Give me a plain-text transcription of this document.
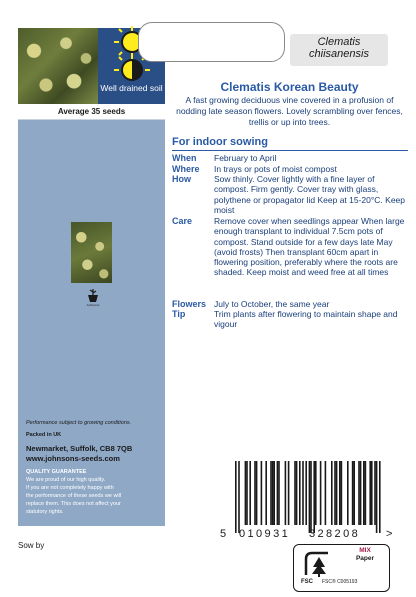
Well drained soil
Average 35 seeds
Johnsons
Performance subject to growing conditions.
Packed in UK
Newmarket, Suffolk, CB8 7QB
www.johnsons-seeds.com
QUALITY GUARANTEE
We are proud of our high quality.
If you are not completely happy with
the performance of these seeds we will
replace them. This does not affect your
statutory rights.
Clematis
chiisanensis
Clematis Korean Beauty
A fast growing deciduous vine covered in a profusion of nodding late season flowers. Lovely scrambling over fences, trellis or up into trees.
For indoor sowing
When February to April
Where In trays or pots of moist compost
How	Sow thinly. Cover lightly with a fine layer of compost. Firm gently. Cover tray with glass, polythene or propagator lid Keep at 15-20°C. Keep moist
Care	Remove cover when seedlings appear When large enough transplant to individual 7.5cm pots of compost. Stand outside for a few days late May (avoid frosts) Then transplant 60cm apart in flowering position, preferably where the roots are shaded. Keep moist and weed free at all times
Flowers July to October, the same year
Tip	Trim plants after flowering to maintain shape and vigour
5 010931 328208 >
Sow by
MIX
Paper
FSC FSC® C005193
